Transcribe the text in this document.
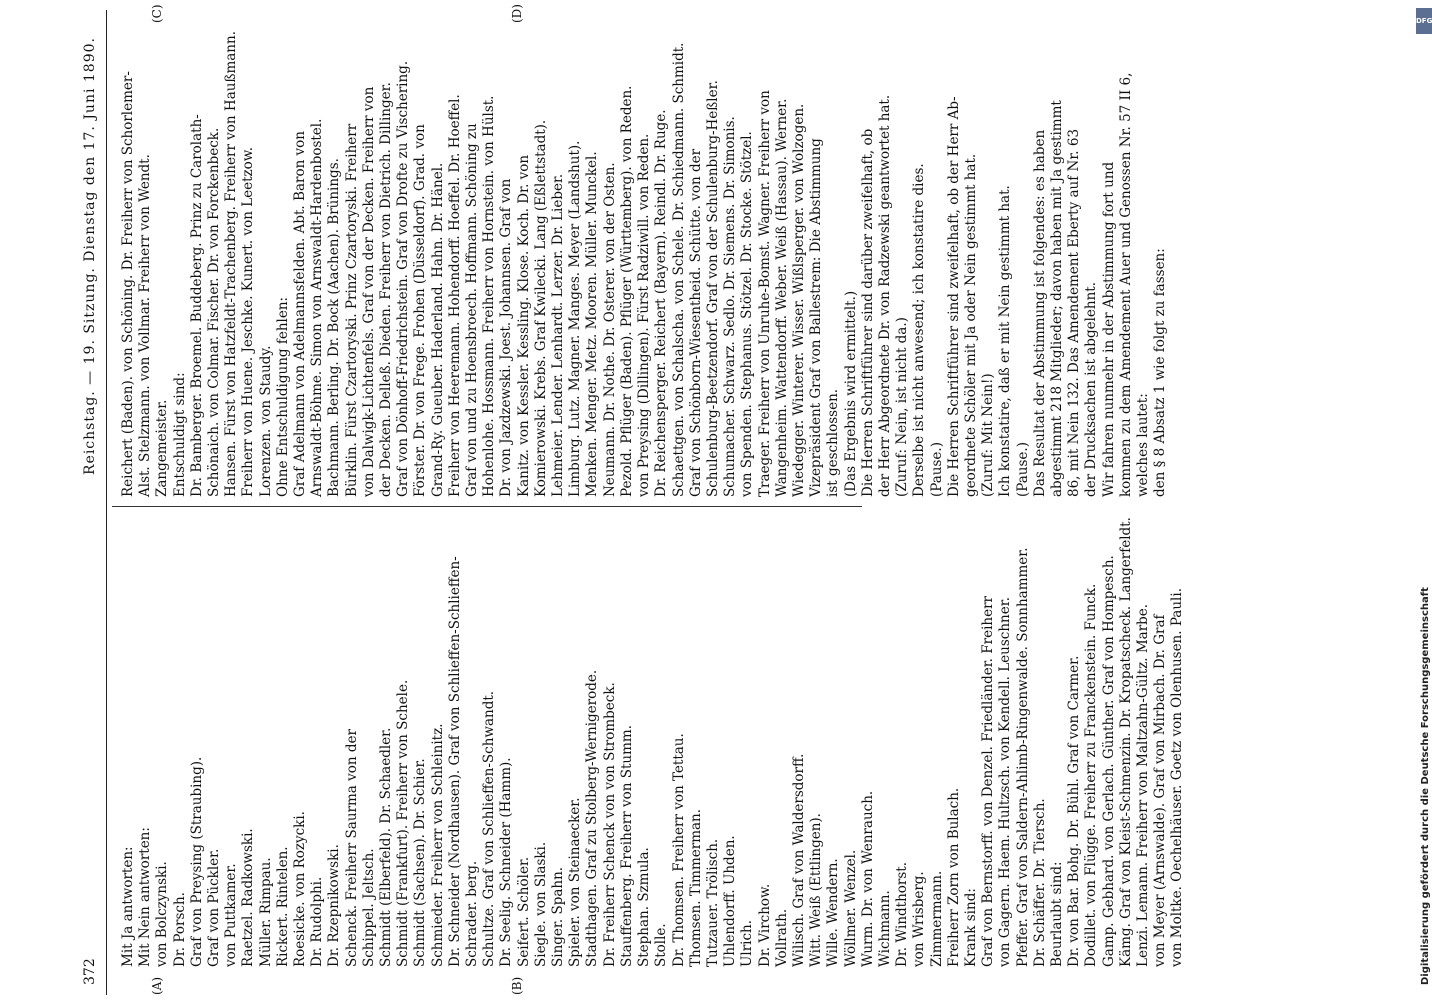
372
Reichstag. — 19. Sitzung. Dienstag den 17. Juni 1890.
(A)	(B)
(C)	(D)

Mit Ja antworten: Mit Nein antworten: von Bolczynski. Dr. Porsch. Graf von Preysing (Straubing). Graf von Pückler. von Puttkamer. Raetzel. Radkowski. Müller. Rimpau. Rickert. Rintelen. Roesicke. von Rozycki. Dr. Rudolphi. Dr. Rzepnikowski. Schenck. Freiherr Saurma von der Schippel. Jeltsch. Schmidt (Elberfeld). Dr. Schaedler. Schmidt (Frankfurt). Freiherr von Schele. Schmidt (Sachsen). Dr. Schier. Schmieder. Freiherr von Schleinitz. Dr. Schneider (Nordhausen). Graf von Schlieffen-Schlieffen- Schrader. berg. Schultze. Graf von Schlieffen-Schwandt. Dr. Seelig. Schneider (Hamm). Seifert. Schöler. Siegle. von Slaski. Singer. Spahn. Spieler. von Steinaecker. Stadthagen. Graf zu Stolberg-Wernigerode. Dr. Freiherr Schenck von von Strombeck. Stauffenberg. Freiherr von Stumm. Stephan. Szmula. Stolle. Dr. Thomsen. Freiherr von Tettau. Thomsen. Timmerman. Tutzauer. Trölisch. Uhlendorff. Uhden. Ulrich. Dr. Virchow. Vollrath. Wilisch. Graf von Waldersdorff. Witt. Weiß (Ettlingen). Wille. Wendern. Wöllmer. Wenzel. Wurm. Dr. von Wenrauch. Wichmann. Dr. Windthorst. von Wrisberg. Zimmermann. Freiherr Zorn von Bulach. Krank sind: Graf von Bernstorff. von Denzel. Friedländer. Freiherr von Gagern. Haem. Hultzsch. von Kendell. Leuschner. Pfeffer. Graf von Saldern-Ahlimb-Ringenwalde. Sonnhammer. Dr. Schäffer. Dr. Tiersch. Beurlaubt sind: Dr. von Bar. Bohg. Dr. Bühl. Graf von Carmer. Dodillet. von Flügge. Freiherr zu Franckenstein. Funck. Gamp. Gebhard. von Gerlach. Günther. Graf von Hompesch. Kämg. Graf von Kleist-Schmenzin. Dr. Kropatscheck. Langerfeldt. Lenzi. Lemann. Freiherr von Maltzahn-Gültz. Marbe. von Meyer (Arnswalde). Graf von Mirbach. Dr. Graf von Moltke. Oechelhäuser. Goetz von Olenhusen. Pauli.

Reichert (Baden). von Schöning. Dr. Freiherr von Schorlemer- Alst. Stelzmann. von Vollmar. Freiherr von Wendt. Zangemeister. Entschuldigt sind: Dr. Bamberger. Broemel. Buddeberg. Prinz zu Carolath- Schönaich. von Colmar. Fischer. Dr. von Forckenbeck. Hansen. Fürst von Hatzfeldt-Trachenberg. Freiherr von Haußmann. Freiherr von Huene. Jeschke. Kunert. von Leetzow. Lorenzen. von Staudy. Ohne Entschuldigung fehlen: Graf Adelmann von Adelmannsfelden. Abt. Baron von Arnswaldt-Böhme. Simon von Arnswaldt-Hardenbostel. Bachmann. Berling. Dr. Bock (Aachen). Brünings. Bürklin. Fürst Czartoryski. Prinz Czartoryski. Freiherr von Dalwigk-Lichtenfels. Graf von der Decken. Freiherr von der Decken. Delleß. Dieden. Freiherr von Dietrich. Dillinger. Graf von Dönhoff-Friedrichstein. Graf von Drofte zu Vischering. Förster. Dr. von Frege. Frohen (Düsseldorf). Grad. von Grand-Ry. Gueuber. Haderland. Hahn. Dr. Hänel. Freiherr von Heeremann. Hohendorff. Hoeffel. Dr. Hoeffel. Graf von und zu Hoensbroech. Hoffmann. Schöning zu Hohenlohe. Hossmann. Freiherr von Hornstein. von Hülst. Dr. von Jazdzewski. Joest. Johannsen. Graf von Kanitz. von Kessler. Kessling. Klose. Koch. Dr. von Komierowski. Krebs. Graf Kwilecki. Lang (Eßlettstadt). Lehmeier. Lender. Lenhardt. Lerzer. Dr. Lieber. Limburg. Lutz. Magner. Manges. Meyer (Landshut). Menken. Menger. Metz. Mooren. Müller. Munckel. Neumann. Dr. Nothe. Dr. Osterer. von der Osten. Pezold. Pflüger (Baden). Pflüger (Württemberg). von Reden. von Preysing (Dillingen). Fürst Radziwill. von Reden. Dr. Reichensperger. Reichert (Bayern). Reindl. Dr. Ruge. Schaettgen. von Schalscha. von Schele. Dr. Schiedmann. Schmidt. Graf von Schönborn-Wiesentheid. Schütte. von der Schulenburg-Beetzendorf. Graf von der Schulenburg-Heßler. Schumacher. Schwarz. Sedlo. Dr. Siemens. Dr. Simonis. von Spenden. Stephanus. Stötzel. Dr. Stocke. Stötzel. Traeger. Freiherr von Unruhe-Bomst. Wagner. Freiherr von Wangenheim. Wattendorff. Weber. Weiß (Hassau). Werner. Wiedegger. Winterer. Wisser. Wißlsperger. von Wolzogen. Vizepräsident Graf von Ballestrem: Die Abstimmung ist geschlossen. (Das Ergebnis wird ermittelt.) Die Herren Schriftführer sind darüber zweifelhaft, ob der Herr Abgeordnete Dr. von Radzewski geantwortet hat. (Zuruf: Nein, ist nicht da.) Derselbe ist nicht anwesend; ich konstatire dies. (Pause.) Die Herren Schriftführer sind zweifelhaft, ob der Herr Ab- geordnete Schöler mit Ja oder Nein gestimmt hat. (Zuruf: Mit Nein!) Ich konstatire, daß er mit Nein gestimmt hat. (Pause.) Das Resultat der Abstimmung ist folgendes: es haben abgestimmt 218 Mitglieder; davon haben mit Ja gestimmt 86, mit Nein 132. Das Amendement Eberty auf Nr. 63 der Drucksachen ist abgelehnt. Wir fahren nunmehr in der Abstimmung fort und kommen zu dem Amendement Auer und Genossen Nr. 57 II 6, welches lautet: den § 8 Absatz 1 wie folgt zu fassen:

DFG
Digitalisierung gefördert durch die Deutsche Forschungsgemeinschaft
